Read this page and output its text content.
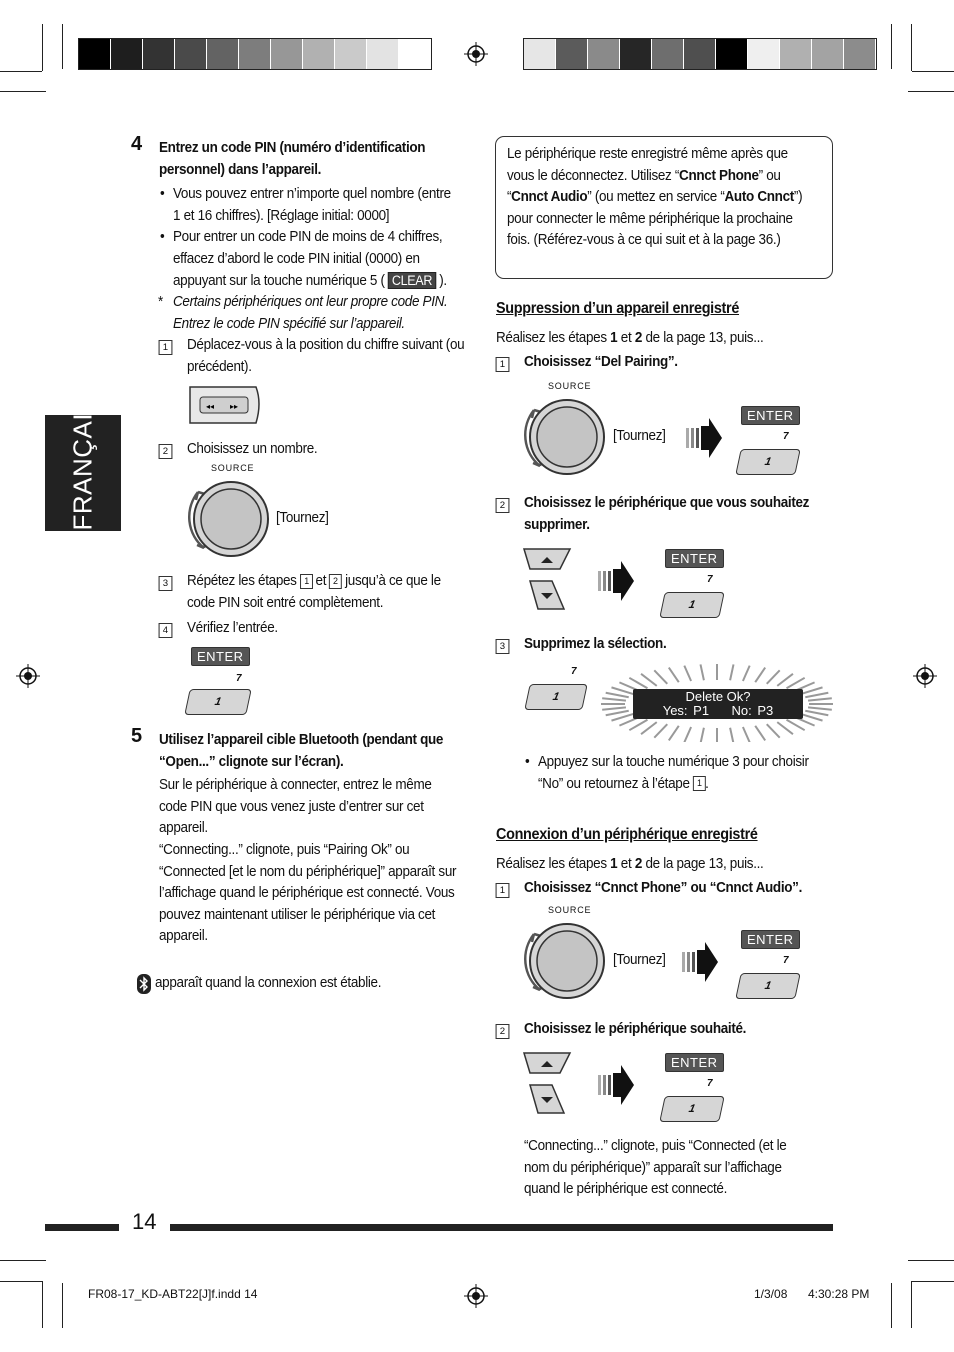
FRANÇAIS
4 Entrez un code PIN (numéro d’identification personnel) dans l’appareil.
• Vous pouvez entrer n’importe quel nombre (entre 1 et 16 chiffres). [Réglage initial: 0000]
• Pour entrer un code PIN de moins de 4 chiffres, effacez d’abord le code PIN initial (0000) en appuyant sur la touche numérique 5 ( CLEAR ).
* Certains périphériques ont leur propre code PIN. Entrez le code PIN spécifié sur l’appareil.
1 Déplacez-vous à la position du chiffre suivant (ou précédent).
◂◂ ▸▸
2 Choisissez un nombre.
SOURCE
[Tournez]
3 Répétez les étapes 1 et 2 jusqu’à ce que le code PIN soit entré complètement.
4 Vérifiez l’entrée.
ENTER
7
1
5 Utilisez l’appareil cible Bluetooth (pendant que “Open...” clignote sur l’écran).
Sur le périphérique à connecter, entrez le même code PIN que vous venez juste d’entrer sur cet appareil.
“Connecting...” clignote, puis “Pairing Ok” ou “Connected [et le nom du périphérique]” apparaît sur l’affichage quand le périphérique est connecté. Vous pouvez maintenant utiliser le périphérique via cet appareil.
apparaît quand la connexion est établie.
Le périphérique reste enregistré même après que vous le déconnectez. Utilisez “Cnnct Phone” ou “Cnnct Audio” (ou mettez en service “Auto Cnnct”) pour connecter le même périphérique la prochaine fois. (Référez-vous à ce qui suit et à la page 36.)
Suppression d’un appareil enregistré
Réalisez les étapes 1 et 2 de la page 13, puis...
1 Choisissez “Del Pairing”.
SOURCE
[Tournez]
ENTER
7
1
2 Choisissez le périphérique que vous souhaitez supprimer.
ENTER
7
1
3 Supprimez la sélection.
7
1	Delete Ok?
Yes: P1 No: P3
• Appuyez sur la touche numérique 3 pour choisir “No” ou retournez à l’étape 1 .
Connexion d’un périphérique enregistré
Réalisez les étapes 1 et 2 de la page 13, puis...
1 Choisissez “Cnnct Phone” ou “Cnnct Audio”.
SOURCE
[Tournez]
ENTER
7
1
2 Choisissez le périphérique souhaité.
ENTER
7
1
“Connecting...” clignote, puis “Connected (et le nom du périphérique)” apparaît sur l’affichage quand le périphérique est connecté.
14
FR08-17_KD-ABT22[J]f.indd 14	1/3/08 4:30:28 PM
